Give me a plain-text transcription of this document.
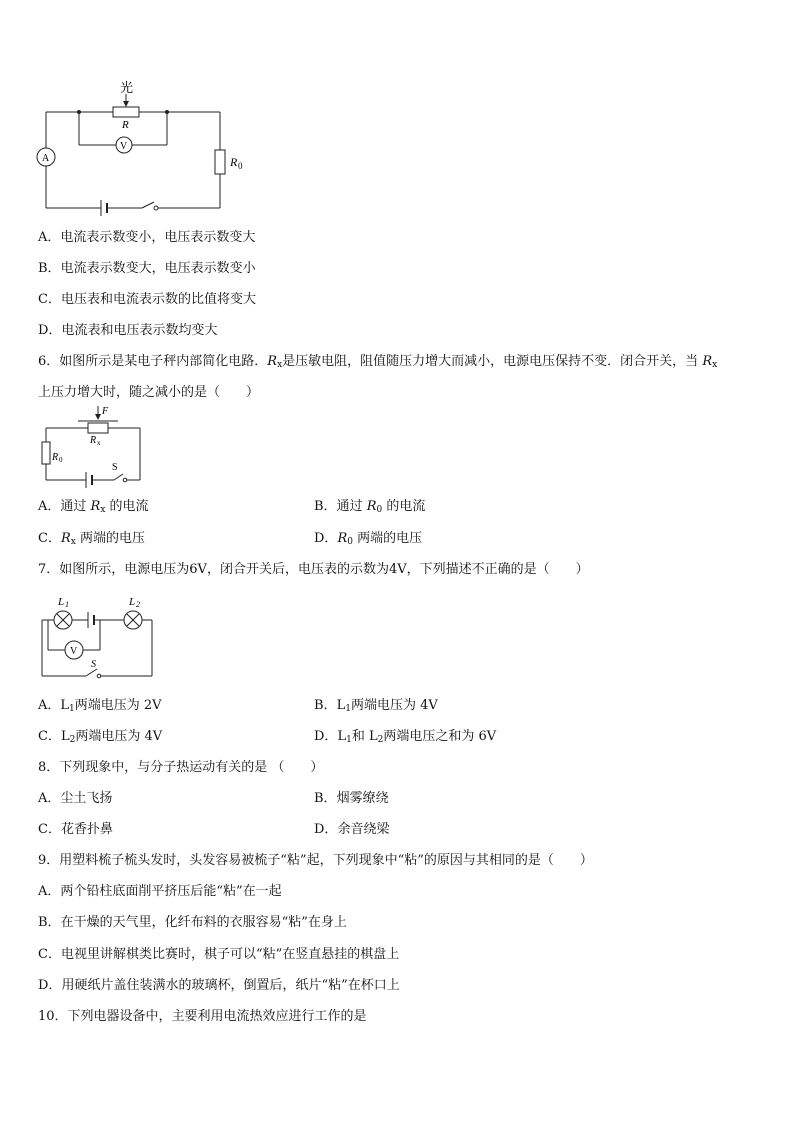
光
R
V
A	R 0
A．电流表示数变小，电压表示数变大
B．电流表示数变大，电压表示数变小
C．电压表和电流表示数的比值将变大
D．电流表和电压表示数均变大
6．如图所示是某电子秤内部简化电路．$R_x$是压敏电阻，阻值随压力增大而减小，电源电压保持不变．闭合开关，当 $R_x$
上压力增大时，随之减小的是（　　）
R x
F
R 0
S
A．通过 $R_x$ 的电流	B．通过 $R_0$ 的电流
C．$R_x$ 两端的电压	D．$R_0$ 两端的电压
7．如图所示，电源电压为6V，闭合开关后，电压表的示数为4V，下列描述不正确的是（　　）
L 1	L 2
V
S
A．$L_1$两端电压为 2V	B．$L_1$两端电压为 4V
C．$L_2$两端电压为 4V	D．$L_1$和 $L_2$两端电压之和为 6V
8．下列现象中，与分子热运动有关的是 （　　）
A．尘土飞扬	B．烟雾缭绕
C．花香扑鼻	D．余音绕梁
9．用塑料梳子梳头发时，头发容易被梳子“粘”起，下列现象中“粘”的原因与其相同的是（　　）
A．两个铅柱底面削平挤压后能“粘”在一起
B．在干燥的天气里，化纤布料的衣服容易“粘”在身上
C．电视里讲解棋类比赛时，棋子可以“粘”在竖直悬挂的棋盘上
D．用硬纸片盖住装满水的玻璃杯，倒置后，纸片“粘”在杯口上
10．下列电器设备中，主要利用电流热效应进行工作的是
